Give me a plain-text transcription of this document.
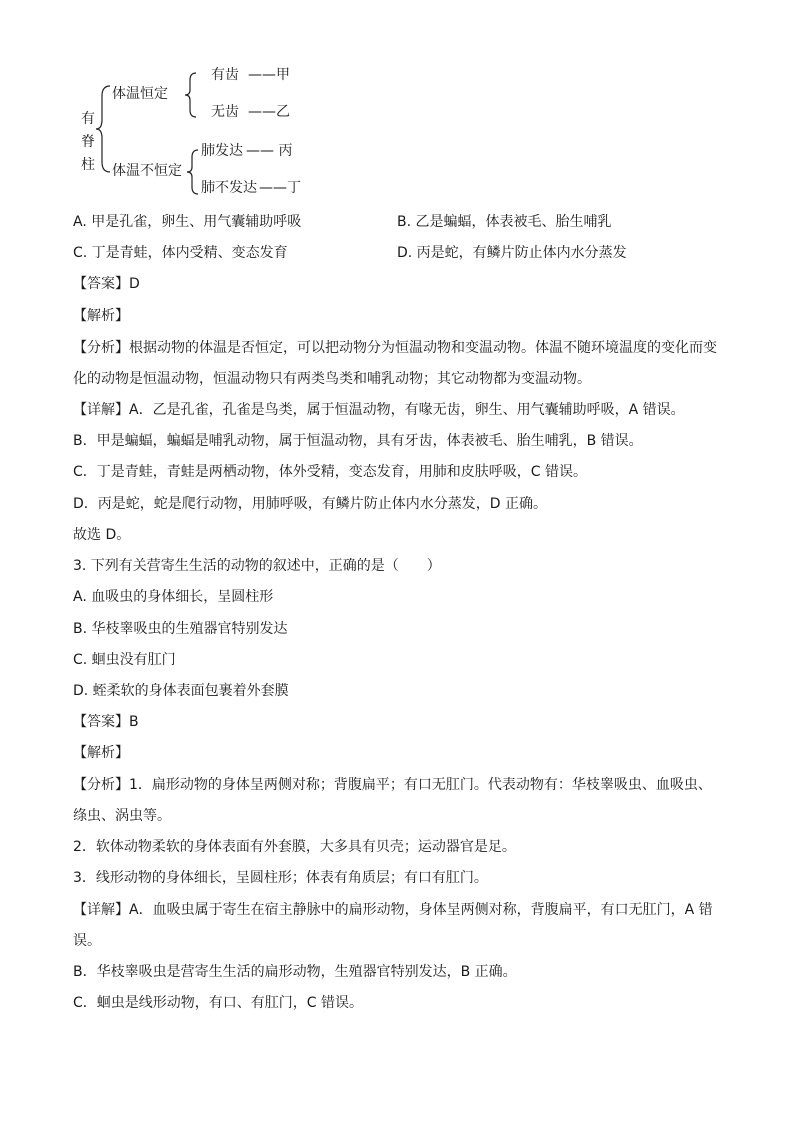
有
脊
柱
体温恒定
体温不恒定
有齿 ——甲
无齿 ——乙
肺发达 —— 丙
肺不发达 ——丁
A. 甲是孔雀，卵生、用气囊辅助呼吸	B. 乙是蝙蝠，体表被毛、胎生哺乳
C. 丁是青蛙，体内受精、变态发育	D. 丙是蛇，有鳞片防止体内水分蒸发
【答案】D
【解析】
【分析】根据动物的体温是否恒定，可以把动物分为恒温动物和变温动物。体温不随环境温度的变化而变
化的动物是恒温动物，恒温动物只有两类鸟类和哺乳动物；其它动物都为变温动物。
【详解】A．乙是孔雀，孔雀是鸟类，属于恒温动物，有喙无齿，卵生、用气囊辅助呼吸，A 错误。
B．甲是蝙蝠，蝙蝠是哺乳动物，属于恒温动物，具有牙齿，体表被毛、胎生哺乳，B 错误。
C．丁是青蛙，青蛙是两栖动物，体外受精，变态发育，用肺和皮肤呼吸，C 错误。
D．丙是蛇，蛇是爬行动物，用肺呼吸，有鳞片防止体内水分蒸发，D 正确。
故选 D。
3. 下列有关营寄生生活的动物的叙述中，正确的是（　　）
A. 血吸虫的身体细长，呈圆柱形
B. 华枝睾吸虫的生殖器官特别发达
C. 蛔虫没有肛门
D. 蛭柔软的身体表面包裹着外套膜
【答案】B
【解析】
【分析】1．扁形动物的身体呈两侧对称；背腹扁平；有口无肛门。代表动物有：华枝睾吸虫、血吸虫、
绦虫、涡虫等。
2．软体动物柔软的身体表面有外套膜，大多具有贝壳；运动器官是足。
3．线形动物的身体细长，呈圆柱形；体表有角质层；有口有肛门。
【详解】A．血吸虫属于寄生在宿主静脉中的扁形动物，身体呈两侧对称，背腹扁平，有口无肛门，A 错
误。
B．华枝睾吸虫是营寄生生活的扁形动物，生殖器官特别发达，B 正确。
C．蛔虫是线形动物，有口、有肛门，C 错误。
